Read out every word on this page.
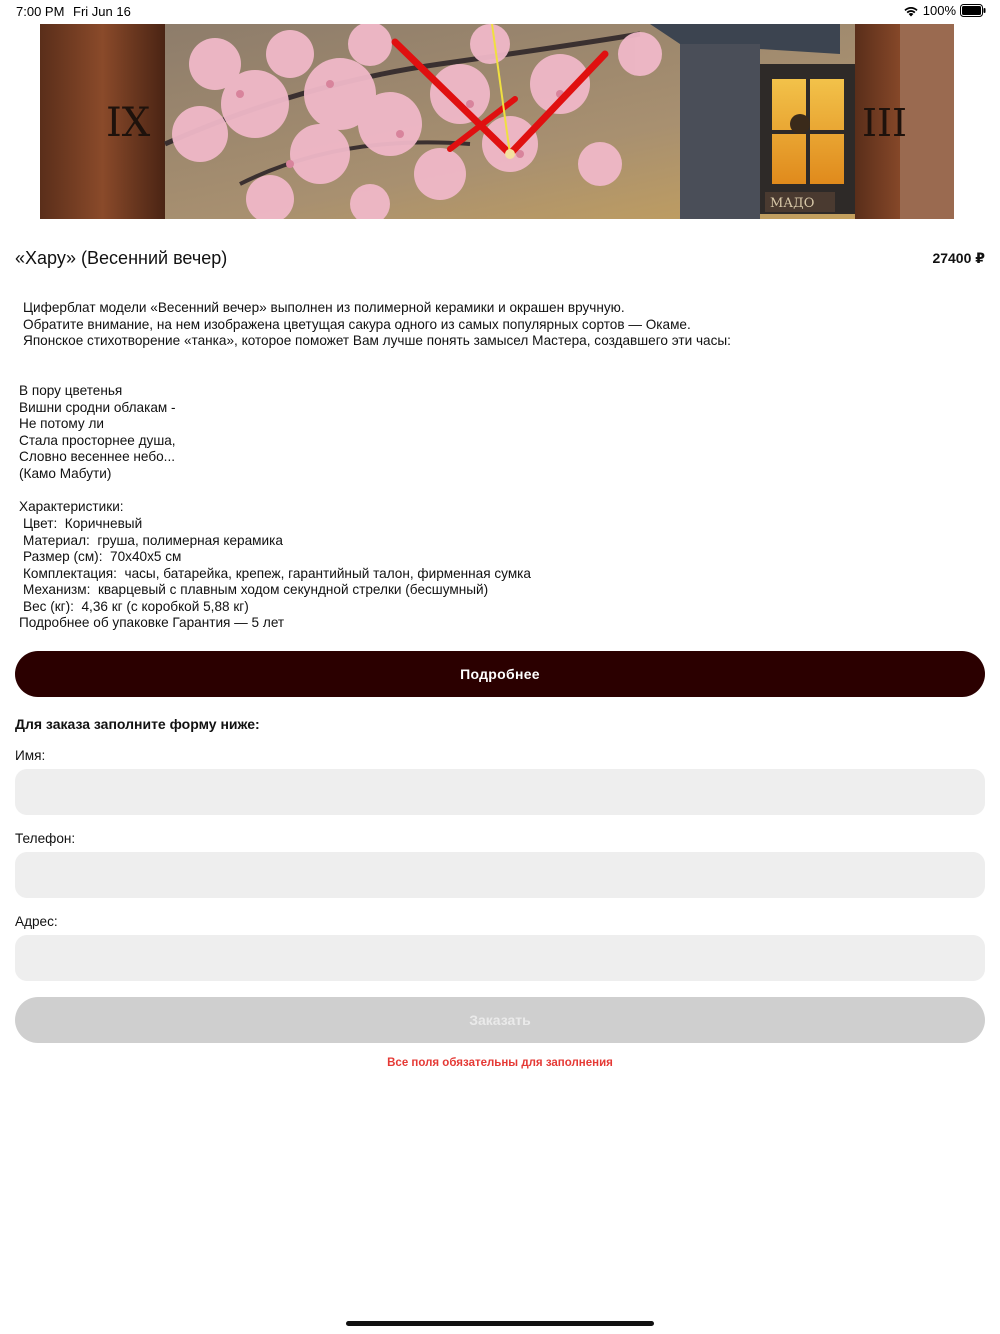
7:00 PM Fri Jun 16	100%
IX	III
МАДО
«Хару» (Весенний вечер)	27400 ₽
Циферблат модели «Весенний вечер» выполнен из полимерной керамики и окрашен вручную.
Обратите внимание, на нем изображена цветущая сакура одного из самых популярных сортов — Окаме.
Японское стихотворение «танка», которое поможет Вам лучше понять замысел Мастера, создавшего эти часы:
В пору цветенья
Вишни сродни облакам -
Не потому ли
Стала просторнее душа,
Словно весеннее небо...
(Камо Мабути)
Характеристики:
Цвет:  Коричневый
Материал:  груша, полимерная керамика
Размер (см):  70x40x5 см
Комплектация:  часы, батарейка, крепеж, гарантийный талон, фирменная сумка
Механизм:  кварцевый с плавным ходом секундной стрелки (бесшумный)
Вес (кг):  4,36 кг (с коробкой 5,88 кг)
Подробнее об упаковке Гарантия — 5 лет
Подробнее
Для заказа заполните форму ниже:
Имя:
Телефон:
Адрес:
Заказать
Все поля обязательны для заполнения
